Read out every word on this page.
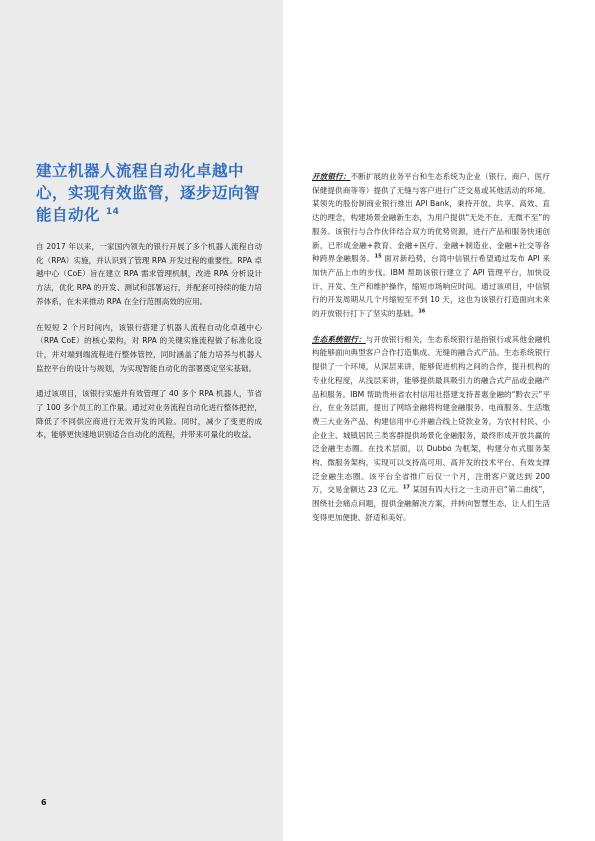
建立机器人流程自动化卓越中心，实现有效监管，逐步迈向智能自动化 $^{14}$

自 2017 年以来，一家国内领先的银行开展了多个机器人流程自动化（RPA）实施，并认识到了管理 RPA 开发过程的重要性。RPA 卓越中心（CoE）旨在建立 RPA 需求管理机制，改进 RPA 分析设计方法，优化 RPA 的开发、测试和部署运行，并配套可持续的能力培养体系，在未来推动 RPA 在全行范围高效的应用。

在短短 2 个月时间内，该银行搭建了机器人流程自动化卓越中心（RPA CoE）的核心架构，对 RPA 的关键实施流程做了标准化设计，并对端到端流程进行整体管控，同时涵盖了能力培养与机器人监控平台的设计与规划，为实现智能自动化的部署奠定坚实基础。

通过该项目，该银行实施并有效管理了 40 多个 RPA 机器人，节省了 100 多个员工的工作量。通过对业务流程自动化进行整体把控，降低了不同供应商进行无效开发的风险。同时，减少了变更的成本，能够更快速地识别适合自动化的流程，并带来可量化的收益。

开放银行：不断扩展的业务平台和生态系统为企业（银行、商户、医疗保健提供商等等）提供了无缝与客户进行广泛交易或其他活动的环境。某领先的股份制商业银行推出 API Bank，秉持开放、共享、高效、直达的理念，构建场景金融新生态，为用户提供“无处不在、无微不至”的服务。该银行与合作伙伴结合双方的优势资源，进行产品和服务快速创新，已形成金融+教育、金融+医疗、金融+制造业、金融+社交等各种跨界金融服务。$^{15}$ 面对新趋势，台湾中信银行希望通过发布 API 来加快产品上市的步伐。IBM 帮助该银行建立了 API 管理平台，加快设计、开发、生产和维护操作，缩短市场响应时间。通过该项目，中信银行的开发周期从几个月缩短至不到 10 天，这也为该银行打造面向未来的开放银行打下了坚实的基础。$^{16}$

生态系统银行：与开放银行相关，生态系统银行是指银行或其他金融机构能够面向典型客户合作打造集成、无缝的融合式产品。生态系统银行提供了一个环境，从深层来讲，能够促进机构之间的合作，提升机构的专业化程度，从浅层来讲，能够提供最具吸引力的融合式产品或金融产品和服务。IBM 帮助贵州省农村信用社搭建支持普惠金融的“黔农云”平台，在业务层面，提出了网络金融将构建金融服务、电商服务、生活缴费三大业务产品，构建信用中心并融合线上贷款业务，为农村村民、小企业主、城镇居民三类客群提供场景化金融服务，最终形成开放共赢的泛金融生态圈。在技术层面，以 Dubbo 为框架，构建分布式服务架构、微服务架构，实现可以支持高可用、高并发的技术平台、有效支撑泛金融生态圈。该平台全省推广后仅一个月，注册客户就达到 200 万，交易金额达 23 亿元。$^{17}$ 某国有四大行之一主动开启“第二曲线”，围绕社会痛点问题，提供金融解决方案，并转向智慧生态，让人们生活变得更加便捷、舒适和美好。

6
